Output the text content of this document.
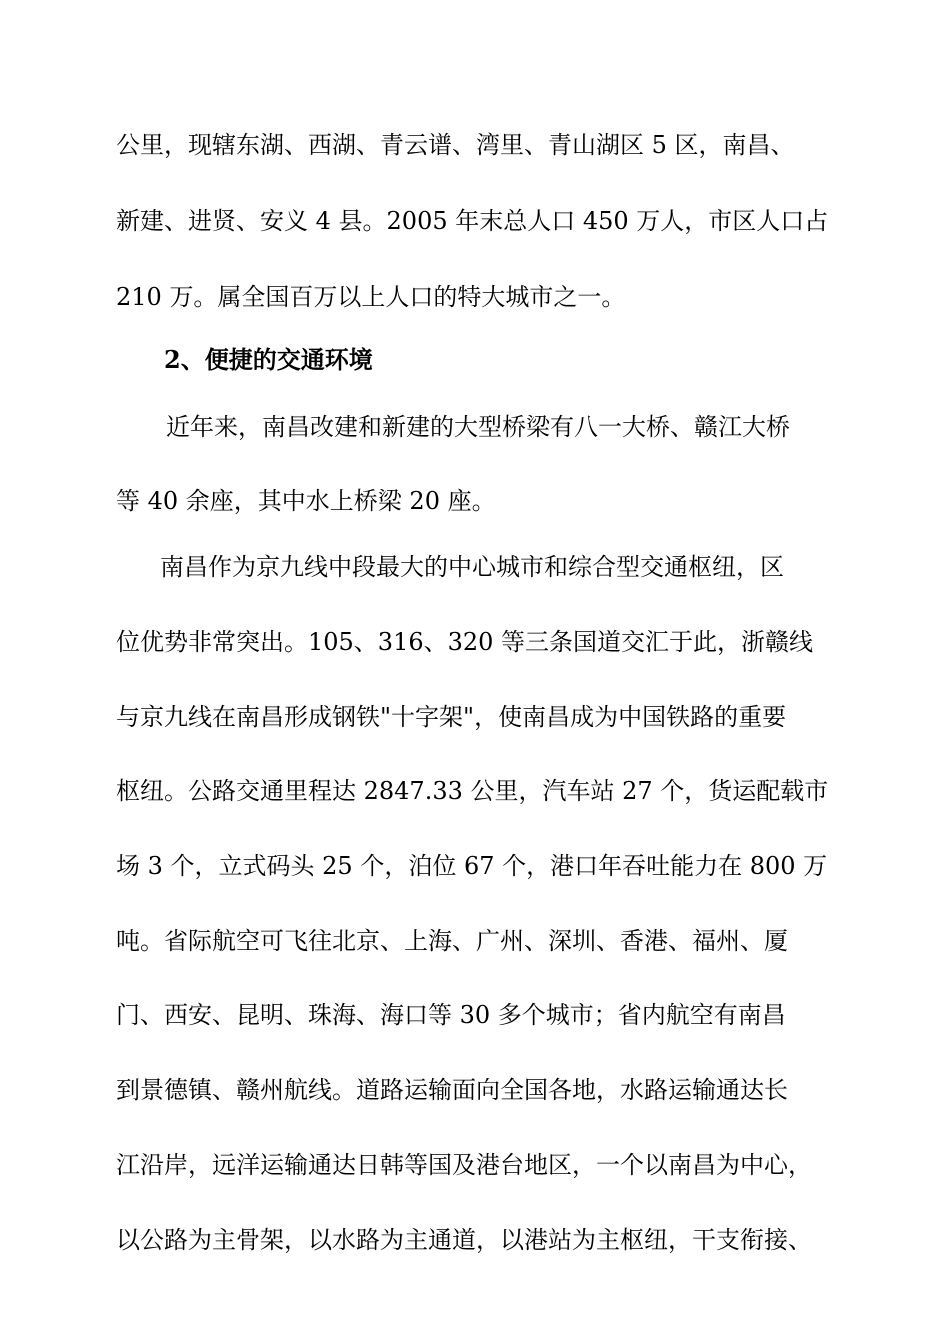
公里，现辖东湖、西湖、青云谱、湾里、青山湖区 5 区，南昌、
新建、进贤、安义 4 县。2005 年末总人口 450 万人，市区人口占
210 万。属全国百万以上人口的特大城市之一。
2、便捷的交通环境
近年来，南昌改建和新建的大型桥梁有八一大桥、赣江大桥
等 40 余座，其中水上桥梁 20 座。
南昌作为京九线中段最大的中心城市和综合型交通枢纽，区
位优势非常突出。105、316、320 等三条国道交汇于此，浙赣线
与京九线在南昌形成钢铁"十字架"，使南昌成为中国铁路的重要
枢纽。公路交通里程达 2847.33 公里，汽车站 27 个，货运配载市
场 3 个，立式码头 25 个，泊位 67 个，港口年吞吐能力在 800 万
吨。省际航空可飞往北京、上海、广州、深圳、香港、福州、厦
门、西安、昆明、珠海、海口等 30 多个城市；省内航空有南昌
到景德镇、赣州航线。道路运输面向全国各地，水路运输通达长
江沿岸，远洋运输通达日韩等国及港台地区，一个以南昌为中心，
以公路为主骨架，以水路为主通道，以港站为主枢纽，干支衔接、
